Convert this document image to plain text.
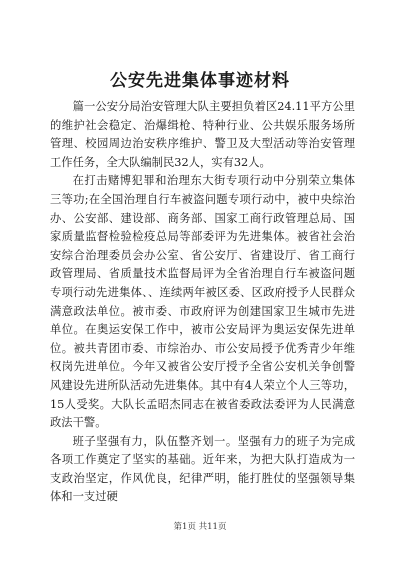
公安先进集体事迹材料

篇一公安分局治安管理大队主要担负着区24.11平方公里的维护社会稳定、治爆缉枪、特种行业、公共娱乐服务场所管理、校园周边治安秩序维护、警卫及大型活动等治安管理工作任务，全大队编制民32人，实有32人。

在打击赌博犯罪和治理东大街专项行动中分别荣立集体三等功;在全国治理自行车被盗问题专项行动中，被中央综治办、公安部、建设部、商务部、国家工商行政管理总局、国家质量监督检验检疫总局等部委评为先进集体。被省社会治安综合治理委员会办公室、省公安厅、省建设厅、省工商行政管理局、省质量技术监督局评为全省治理自行车被盗问题专项行动先进集体、、连续两年被区委、区政府授予人民群众满意政法单位。被市委、市政府评为创建国家卫生城市先进单位。在奥运安保工作中，被市公安局评为奥运安保先进单位。被共青团市委、市综治办、市公安局授予优秀青少年维权岗先进单位。今年又被省公安厅授予全省公安机关争创警风建设先进所队活动先进集体。其中有4人荣立个人三等功，15人受奖。大队长孟昭杰同志在被省委政法委评为人民满意政法干警。

班子坚强有力，队伍整齐划一。坚强有力的班子为完成各项工作奠定了坚实的基础。近年来，为把大队打造成为一支政治坚定，作风优良，纪律严明，能打胜仗的坚强领导集体和一支过硬

第1页 共11页
